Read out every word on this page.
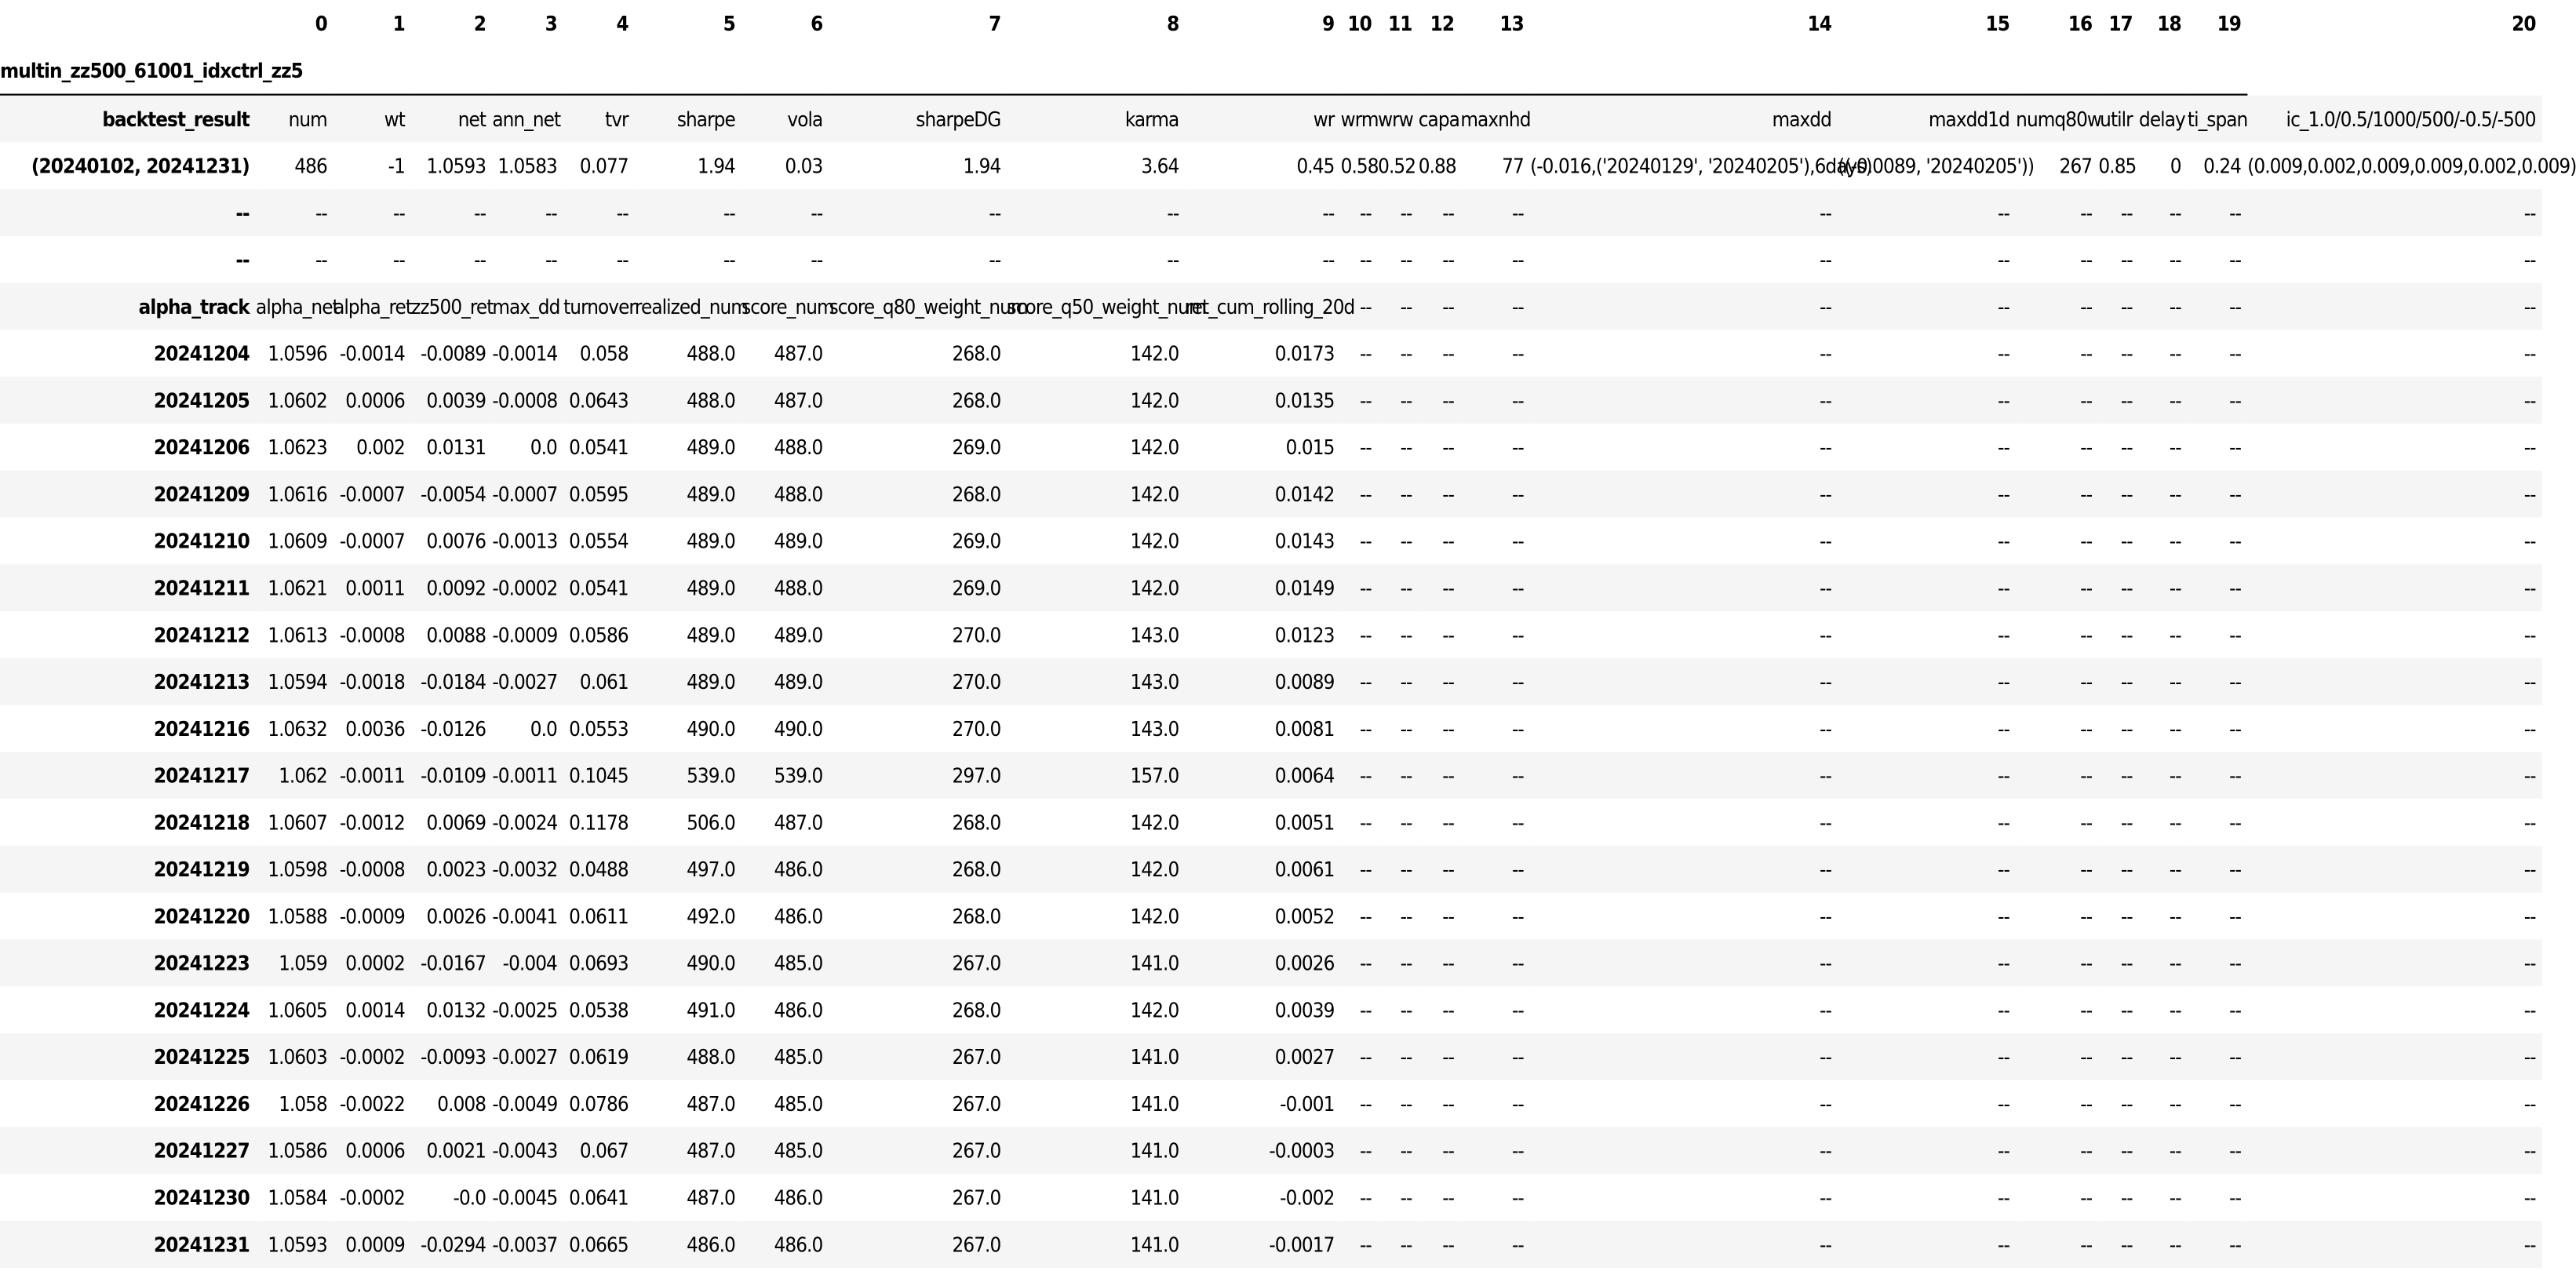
	0	1	2	3	4	5	6	7	8	9	10	11	12	13	14	15	16	17	18	19	20
multin_zz500_61001_idxctrl_zz5																					
backtest_result	num	wt	net	ann_net	tvr	sharpe	vola	sharpeDG	karma	wr	wrm	wrw	capa	maxnhd	maxdd	maxdd1d	numq80w	utilr	delay	ti_span	ic_1.0/0.5/1000/500/-0.5/-500
(20240102, 20241231)	486	-1	1.0593	1.0583	0.077	1.94	0.03	1.94	3.64	0.45	0.58	0.52	0.88	77	(-0.016,('20240129', '20240205'),6days)	((-0.0089, '20240205'))	267	0.85	0	0.24	(0.009,0.002,0.009,0.009,0.002,0.009)
--	--	--	--	--	--	--	--	--	--	--	--	--	--	--	--	--	--	--	--	--	--
--	--	--	--	--	--	--	--	--	--	--	--	--	--	--	--	--	--	--	--	--	--
alpha_track	alpha_net	alpha_ret	zz500_ret	max_dd	turnover	realized_num	score_num	score_q80_weight_num	score_q50_weight_num	ret_cum_rolling_20d	--	--	--	--	--	--	--	--	--	--	--
20241204	1.0596	-0.0014	-0.0089	-0.0014	0.058	488.0	487.0	268.0	142.0	0.0173	--	--	--	--	--	--	--	--	--	--	--
20241205	1.0602	0.0006	0.0039	-0.0008	0.0643	488.0	487.0	268.0	142.0	0.0135	--	--	--	--	--	--	--	--	--	--	--
20241206	1.0623	0.002	0.0131	0.0	0.0541	489.0	488.0	269.0	142.0	0.015	--	--	--	--	--	--	--	--	--	--	--
20241209	1.0616	-0.0007	-0.0054	-0.0007	0.0595	489.0	488.0	268.0	142.0	0.0142	--	--	--	--	--	--	--	--	--	--	--
20241210	1.0609	-0.0007	0.0076	-0.0013	0.0554	489.0	489.0	269.0	142.0	0.0143	--	--	--	--	--	--	--	--	--	--	--
20241211	1.0621	0.0011	0.0092	-0.0002	0.0541	489.0	488.0	269.0	142.0	0.0149	--	--	--	--	--	--	--	--	--	--	--
20241212	1.0613	-0.0008	0.0088	-0.0009	0.0586	489.0	489.0	270.0	143.0	0.0123	--	--	--	--	--	--	--	--	--	--	--
20241213	1.0594	-0.0018	-0.0184	-0.0027	0.061	489.0	489.0	270.0	143.0	0.0089	--	--	--	--	--	--	--	--	--	--	--
20241216	1.0632	0.0036	-0.0126	0.0	0.0553	490.0	490.0	270.0	143.0	0.0081	--	--	--	--	--	--	--	--	--	--	--
20241217	1.062	-0.0011	-0.0109	-0.0011	0.1045	539.0	539.0	297.0	157.0	0.0064	--	--	--	--	--	--	--	--	--	--	--
20241218	1.0607	-0.0012	0.0069	-0.0024	0.1178	506.0	487.0	268.0	142.0	0.0051	--	--	--	--	--	--	--	--	--	--	--
20241219	1.0598	-0.0008	0.0023	-0.0032	0.0488	497.0	486.0	268.0	142.0	0.0061	--	--	--	--	--	--	--	--	--	--	--
20241220	1.0588	-0.0009	0.0026	-0.0041	0.0611	492.0	486.0	268.0	142.0	0.0052	--	--	--	--	--	--	--	--	--	--	--
20241223	1.059	0.0002	-0.0167	-0.004	0.0693	490.0	485.0	267.0	141.0	0.0026	--	--	--	--	--	--	--	--	--	--	--
20241224	1.0605	0.0014	0.0132	-0.0025	0.0538	491.0	486.0	268.0	142.0	0.0039	--	--	--	--	--	--	--	--	--	--	--
20241225	1.0603	-0.0002	-0.0093	-0.0027	0.0619	488.0	485.0	267.0	141.0	0.0027	--	--	--	--	--	--	--	--	--	--	--
20241226	1.058	-0.0022	0.008	-0.0049	0.0786	487.0	485.0	267.0	141.0	-0.001	--	--	--	--	--	--	--	--	--	--	--
20241227	1.0586	0.0006	0.0021	-0.0043	0.067	487.0	485.0	267.0	141.0	-0.0003	--	--	--	--	--	--	--	--	--	--	--
20241230	1.0584	-0.0002	-0.0	-0.0045	0.0641	487.0	486.0	267.0	141.0	-0.002	--	--	--	--	--	--	--	--	--	--	--
20241231	1.0593	0.0009	-0.0294	-0.0037	0.0665	486.0	486.0	267.0	141.0	-0.0017	--	--	--	--	--	--	--	--	--	--	--
